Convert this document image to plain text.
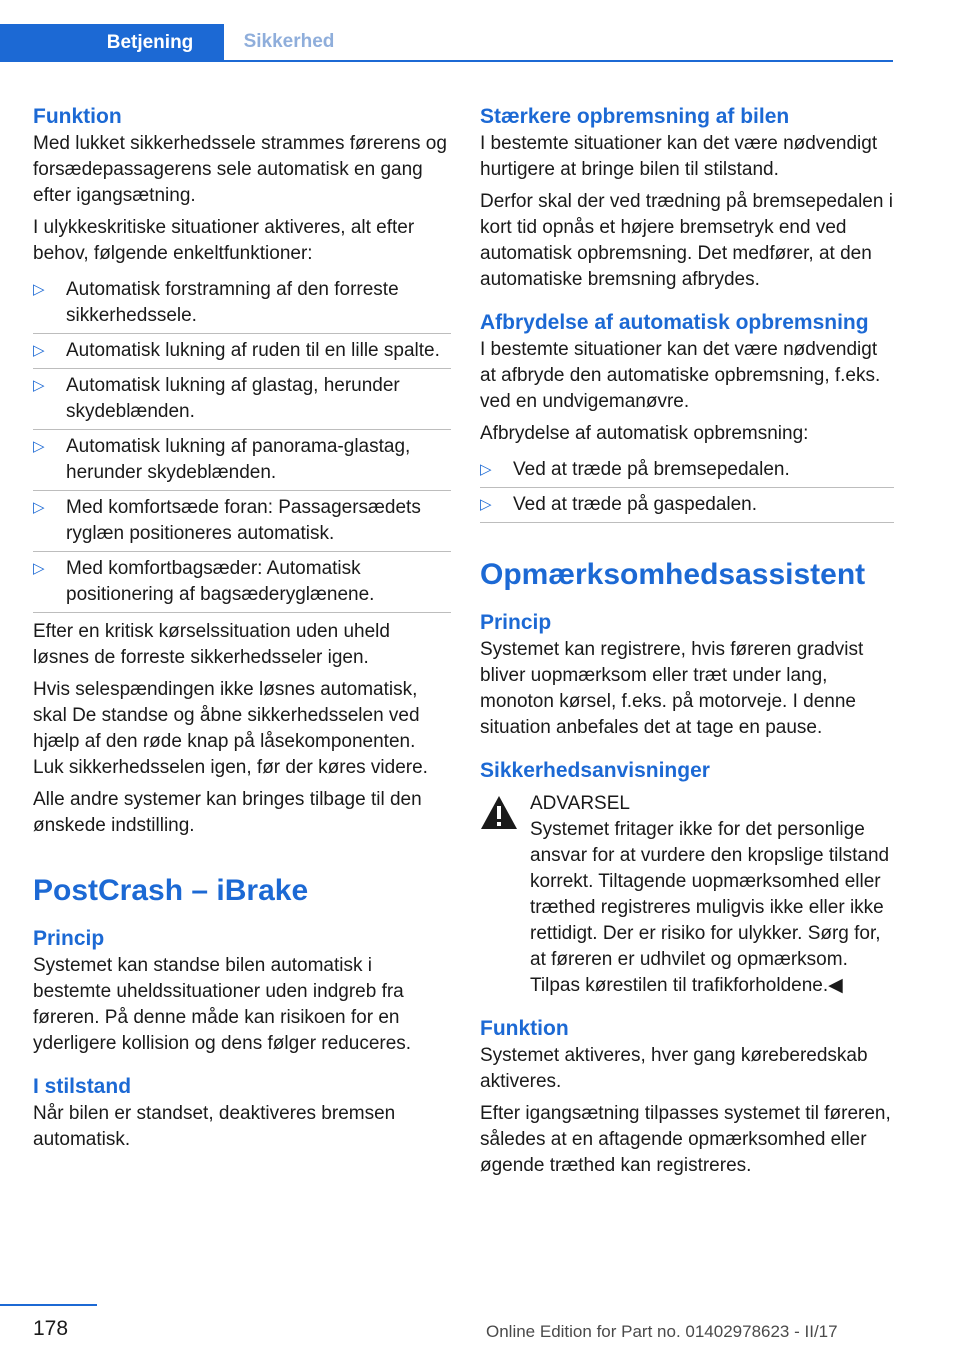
Betjening	Sikkerhed
Funktion

Med lukket sikkerhedssele strammes førerens og forsædepassagerens sele automatisk en gang efter igangsætning.

I ulykkeskritiske situationer aktiveres, alt efter behov, følgende enkeltfunktioner:

▷ Automatisk forstramning af den forreste sikkerhedssele.
▷ Automatisk lukning af ruden til en lille spalte.
▷ Automatisk lukning af glastag, herunder skydeblænden.
▷ Automatisk lukning af panorama-glastag, herunder skydeblænden.
▷ Med komfortsæde foran: Passagersædets ryglæn positioneres automatisk.
▷ Med komfortbagsæder: Automatisk positionering af bagsæderyglænene.

Efter en kritisk kørselssituation uden uheld løsnes de forreste sikkerhedsseler igen.

Hvis selespændingen ikke løsnes automatisk, skal De standse og åbne sikkerhedsselen ved hjælp af den røde knap på låsekomponenten. Luk sikkerhedsselen igen, før der køres videre.

Alle andre systemer kan bringes tilbage til den ønskede indstilling.

PostCrash – iBrake
Princip

Systemet kan standse bilen automatisk i bestemte uheldssituationer uden indgreb fra føreren. På denne måde kan risikoen for en yderligere kollision og dens følger reduceres.

I stilstand

Når bilen er standset, deaktiveres bremsen automatisk.

Stærkere opbremsning af bilen

I bestemte situationer kan det være nødvendigt hurtigere at bringe bilen til stilstand.

Derfor skal der ved trædning på bremsepedalen i kort tid opnås et højere bremsetryk end ved automatisk opbremsning. Det medfører, at den automatiske bremsning afbrydes.

Afbrydelse af automatisk opbremsning

I bestemte situationer kan det være nødvendigt at afbryde den automatiske opbremsning, f.eks. ved en undvigemanøvre.

Afbrydelse af automatisk opbremsning:

▷ Ved at træde på bremsepedalen.
▷ Ved at træde på gaspedalen.
Opmærksomhedsassistent
Princip

Systemet kan registrere, hvis føreren gradvist bliver uopmærksom eller træt under lang, monoton kørsel, f.eks. på motorveje. I denne situation anbefales det at tage en pause.

Sikkerhedsanvisninger
ADVARSEL
Systemet fritager ikke for det personlige ansvar for at vurdere den kropslige tilstand korrekt. Tiltagende uopmærksomhed eller træthed registreres muligvis ikke eller ikke rettidigt. Der er risiko for ulykker. Sørg for, at føreren er udhvilet og opmærksom. Tilpas kørestilen til trafikforholdene.◀
Funktion

Systemet aktiveres, hver gang køreberedskab aktiveres.

Efter igangsætning tilpasses systemet til føreren, således at en aftagende opmærksomhed eller øgende træthed kan registreres.

178	Online Edition for Part no. 01402978623 - II/17
